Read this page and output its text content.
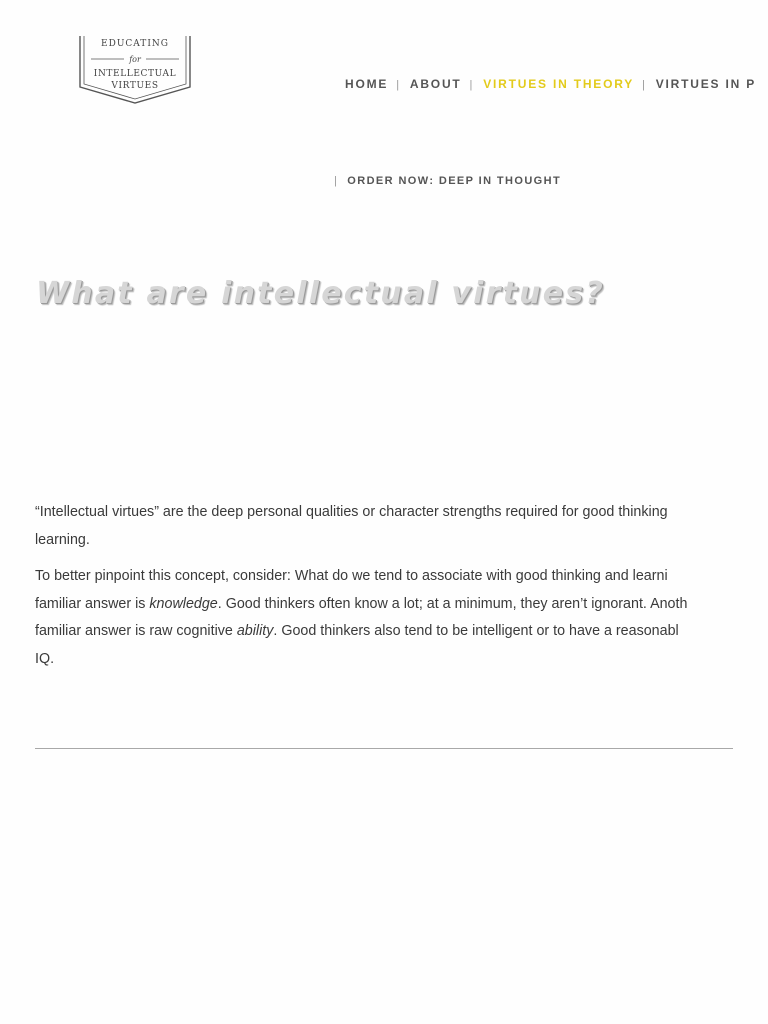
EDUCATING
for
INTELLECTUAL
VIRTUES	HOME | ABOUT | VIRTUES IN THEORY | VIRTUES IN P
| ORDER NOW: DEEP IN THOUGHT
What are intellectual virtues?

“Intellectual virtues” are the deep personal qualities or character strengths required for good thinking
learning.

To better pinpoint this concept, consider: What do we tend to associate with good thinking and learni
familiar answer is knowledge. Good thinkers often know a lot; at a minimum, they aren’t ignorant. Anoth
familiar answer is raw cognitive ability. Good thinkers also tend to be intelligent or to have a reasonabl
IQ.
